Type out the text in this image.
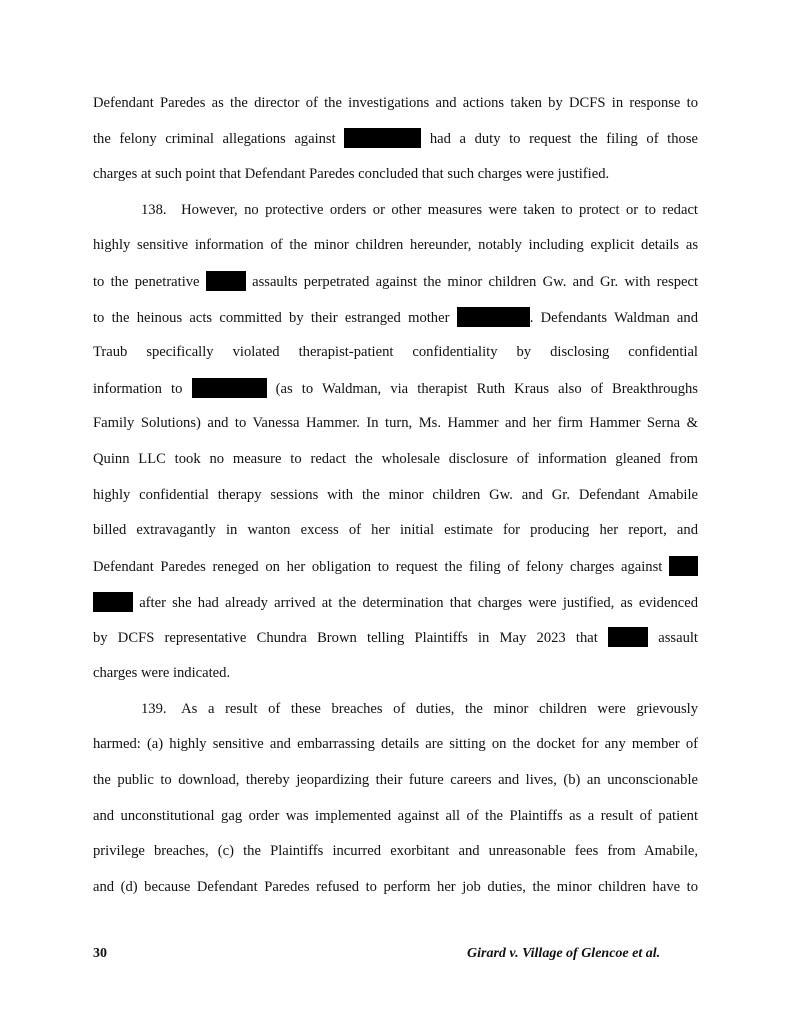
Defendant Paredes as the director of the investigations and actions taken by DCFS in response to
the felony criminal allegations against	had a duty to request the filing of those
charges at such point that Defendant Paredes concluded that such charges were justified.
138. However, no protective orders or other measures were taken to protect or to redact
highly sensitive information of the minor children hereunder, notably including explicit details as
to the penetrative	assaults perpetrated against the minor children Gw. and Gr. with respect
to the heinous acts committed by their estranged mother	. Defendants Waldman and
Traub specifically violated therapist-patient confidentiality by disclosing confidential
information to	(as to Waldman, via therapist Ruth Kraus also of Breakthroughs
Family Solutions) and to Vanessa Hammer. In turn, Ms. Hammer and her firm Hammer Serna &
Quinn LLC took no measure to redact the wholesale disclosure of information gleaned from
highly confidential therapy sessions with the minor children Gw. and Gr. Defendant Amabile
billed extravagantly in wanton excess of her initial estimate for producing her report, and
Defendant Paredes reneged on her obligation to request the filing of felony charges against
after she had already arrived at the determination that charges were justified, as evidenced
by DCFS representative Chundra Brown telling Plaintiffs in May 2023 that	assault
charges were indicated.
139. As a result of these breaches of duties, the minor children were grievously
harmed: (a) highly sensitive and embarrassing details are sitting on the docket for any member of
the public to download, thereby jeopardizing their future careers and lives, (b) an unconscionable
and unconstitutional gag order was implemented against all of the Plaintiffs as a result of patient
privilege breaches, (c) the Plaintiffs incurred exorbitant and unreasonable fees from Amabile,
and (d) because Defendant Paredes refused to perform her job duties, the minor children have to
30	Girard v. Village of Glencoe et al.
